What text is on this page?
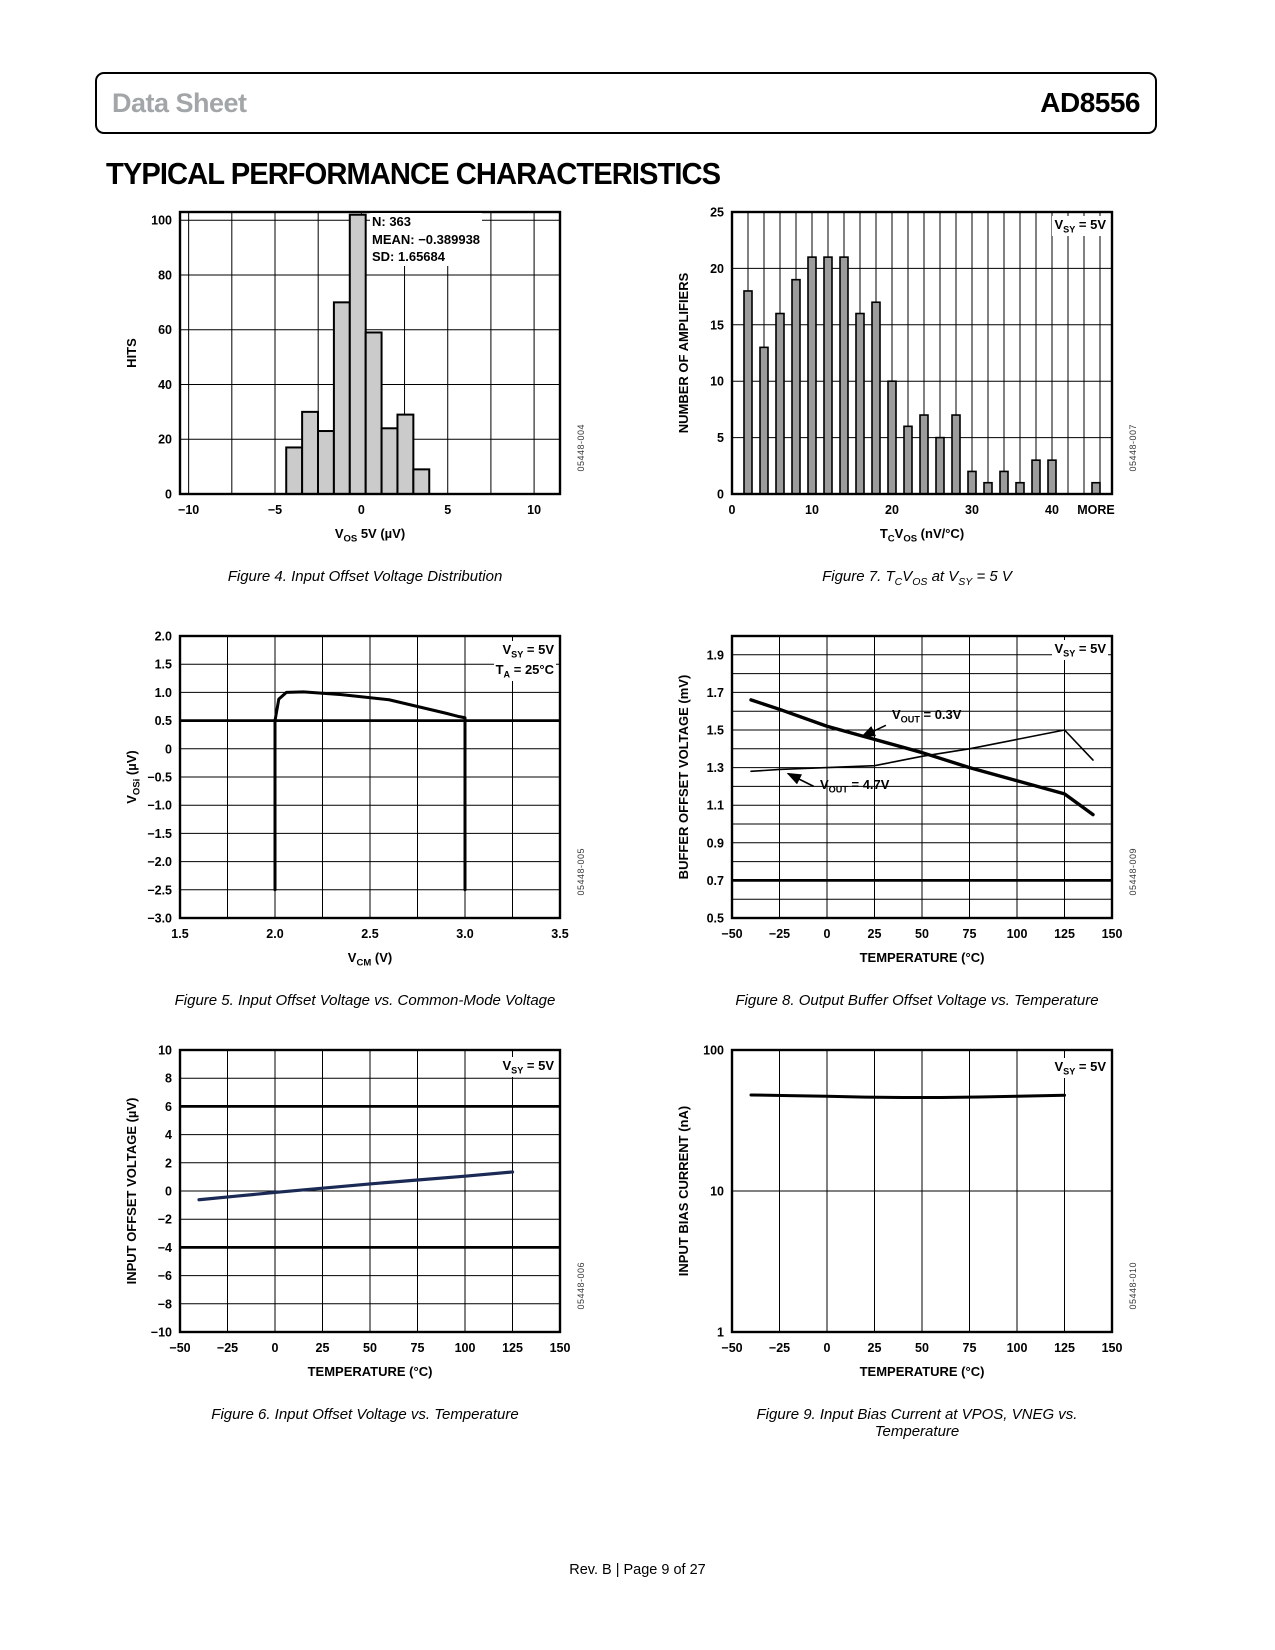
Data Sheet	AD8556
TYPICAL PERFORMANCE CHARACTERISTICS
−10	−5	0	5	10
0
20
40
60
80
100
$V_{OS}$ 5V (µV)
HITS
N: 363
MEAN: −0.389938
SD: 1.65684
05448-004
Figure 4. Input Offset Voltage Distribution
0	10	20	30	40 MORE
0
5
10
15
20
25
$T_CV_{OS}$ (nV/°C)
NUMBER OF AMPLIFIERS
$V_{SY} = 5V$
05448-007
Figure 7. $T_CV_{OS}$ at $V_{SY} = 5$ V
1.5	2.0	2.5	3.0	3.5
2.0
1.5
1.0
0.5
0
−0.5
−1.0
−1.5
−2.0
−2.5
−3.0
$V_{CM}$ (V)
$V_{OSi}$ (µV)
$V_{SY} = 5V$
$T_A = 25^\circ C$
05448-005
Figure 5. Input Offset Voltage vs. Common-Mode Voltage
−50 −25	0	25	50	75 100 125 150
1.9
1.7
1.5
1.3
1.1
0.9
0.7
0.5
TEMPERATURE (°C)
BUFFER OFFSET VOLTAGE (mV)
$V_{SY} = 5V$
$V_{OUT} = 0.3V$
$V_{OUT} = 4.7V$
05448-009
Figure 8. Output Buffer Offset Voltage vs. Temperature
−50 −25	0	25	50	75 100 125 150
10
8
6
4
2
0
−2
−4
−6
−8
−10
TEMPERATURE (°C)
INPUT OFFSET VOLTAGE (µV)
$V_{SY} = 5V$
05448-006
Figure 6. Input Offset Voltage vs. Temperature
−50 −25	0	25	50	75 100 125 150
100
10
1
TEMPERATURE (°C)
INPUT BIAS CURRENT (nA)
$V_{SY} = 5V$
05448-010
Figure 9. Input Bias Current at VPOS, VNEG vs. Temperature
Rev. B | Page 9 of 27
